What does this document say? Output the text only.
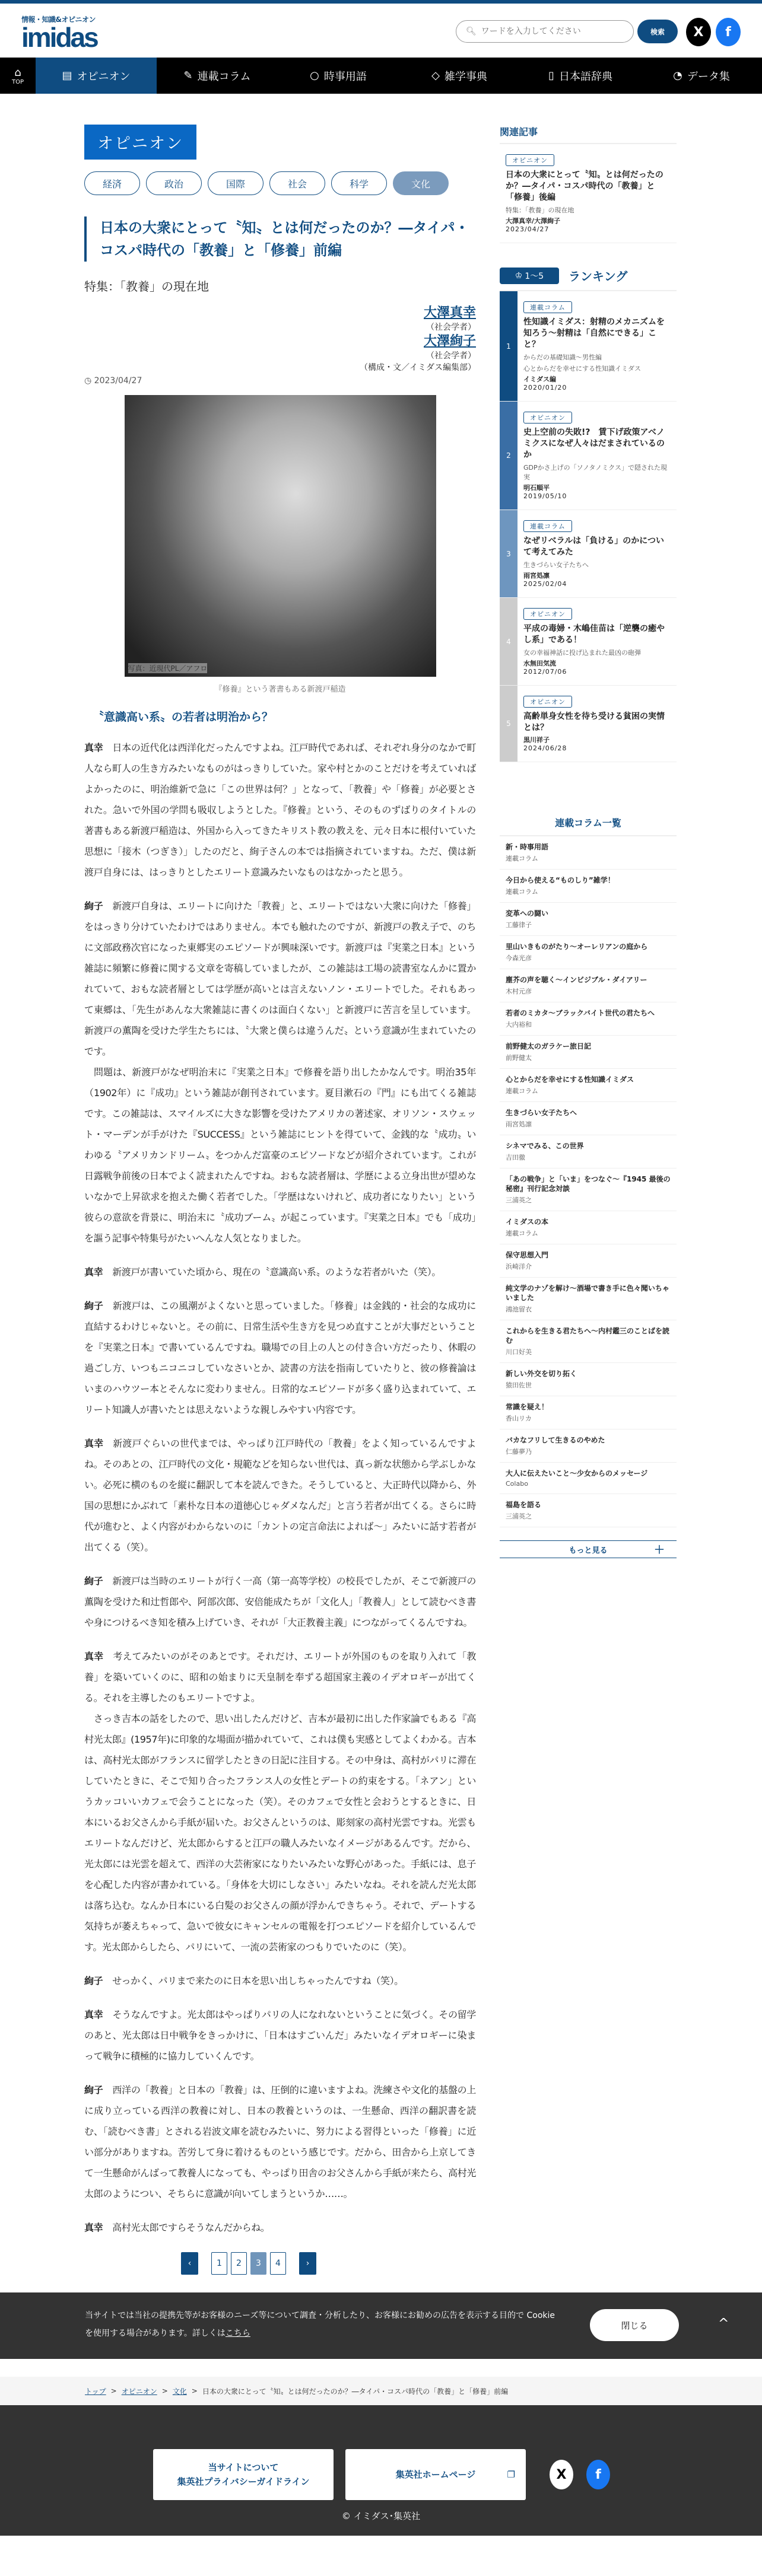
情報・知識&オピニオン
imidas	🔍︎
ワードを入力してください	検索	X	f
⌂
TOP	▤ オピニオン	✎ 連載コラム	○ 時事用語	◇ 雑学事典	▯ 日本語辞典	◔ データ集
オピニオン
経済	政治	国際	社会	科学	文化
日本の大衆にとって〝知〟とは何だったのか？―タイパ・コスパ時代の「教養」と「修養」前編
特集：「教養」の現在地
大澤真幸
（社会学者）
大澤絢子
（社会学者）
（構成・文／イミダス編集部）
◷ 2023/04/27
写真：近現代PL／アフロ
『修養』という著書もある新渡戸稲造
〝意識高い系〟の若者は明治から？

真幸 日本の近代化は西洋化だったんですよね。江戸時代であれば、それぞれ身分のなかで町人なら町人の生き方みたいなものがはっきりしていた。家や村とかのことだけを考えていればよかったのに、明治維新で急に「この世界は何？」となって、「教養」や「修養」が必要とされた。急いで外国の学問も吸収しようとした。『修養』という、そのものずばりのタイトルの著書もある新渡戸稲造は、外国から入ってきたキリスト教の教えを、元々日本に根付いていた思想に「接木（つぎき）」したのだと、絢子さんの本では指摘されていますね。ただ、僕は新渡戸自身には、はっきりとしたエリート意識みたいなものはなかったと思う。

絢子 新渡戸自身は、エリートに向けた「教養」と、エリートではない大衆に向けた「修養」をはっきり分けていたわけではありません。本でも触れたのですが、新渡戸の教え子で、のちに文部政務次官になった東郷実のエピソードが興味深いです。新渡戸は『実業之日本』という雑誌に頻繁に修養に関する文章を寄稿していましたが、この雑誌は工場の読書室なんかに置かれていて、おもな読者層としては学歴が高いとは言えないノン・エリートでした。それもあって東郷は、「先生があんな大衆雑誌に書くのは面白くない」と新渡戸に苦言を呈しています。新渡戸の薫陶を受けた学生たちには、〝大衆と僕らは違うんだ〟という意識が生まれていたのです。
　問題は、新渡戸がなぜ明治末に『実業之日本』で修養を語り出したかなんです。明治35年（1902年）に『成功』という雑誌が創刊されています。夏目漱石の『門』にも出てくる雑誌です。この雑誌は、スマイルズに大きな影響を受けたアメリカの著述家、オリソン・スウェット・マーデンが手がけた『SUCCESS』という雑誌にヒントを得ていて、金銭的な〝成功〟いわゆる〝アメリカンドリーム〟をつかんだ富豪のエピソードなどが紹介されています。これが日露戦争前後の日本でよく読まれたんですね。おもな読者層は、学歴による立身出世が望めないなかで上昇欲求を抱えた働く若者でした。「学歴はないけれど、成功者になりたい」という彼らの意欲を背景に、明治末に〝成功ブーム〟が起こっています。『実業之日本』でも「成功」を謳う記事や特集号がたいへんな人気となりました。

真幸 新渡戸が書いていた頃から、現在の〝意識高い系〟のような若者がいた（笑）。

絢子 新渡戸は、この風潮がよくないと思っていました。「修養」は金銭的・社会的な成功に直結するわけじゃないと。その前に、日常生活や生き方を見つめ直すことが大事だということを『実業之日本』で書いているんですね。職場での目上の人との付き合い方だったり、休暇の過ごし方、いつもニコニコしていなさいとか、読書の方法を指南していたりと、彼の修養論はいまのハウツー本とそんなに変わりません。日常的なエピソードが多く盛り込まれていて、エリート知識人が書いたとは思えないような親しみやすい内容です。

真幸 新渡戸ぐらいの世代までは、やっぱり江戸時代の「教養」をよく知っているんですよね。そのあとの、江戸時代の文化・規範などを知らない世代は、真っ新な状態から学ぶしかない。必死に横のものを縦に翻訳して本を読んできた。そうしていると、大正時代以降から、外国の思想にかぶれて「素朴な日本の道徳心じゃダメなんだ」と言う若者が出てくる。さらに時代が進むと、よく内容がわからないのに「カントの定言命法によれば～」みたいに話す若者が出てくる（笑）。

絢子 新渡戸は当時のエリートが行く一高（第一高等学校）の校長でしたが、そこで新渡戸の薫陶を受けた和辻哲郎や、阿部次郎、安倍能成たちが「文化人」「教養人」として読むべき書や身につけるべき知を積み上げていき、それが「大正教養主義」につながってくるんですね。

真幸 考えてみたいのがそのあとです。それだけ、エリートが外国のものを取り入れて「教養」を築いていくのに、昭和の始まりに天皇制を奉ずる超国家主義のイデオロギーが出てくる。それを主導したのもエリートですよ。
　さっき吉本の話をしたので、思い出したんだけど、吉本が最初に出した作家論でもある『高村光太郎』(1957年)に印象的な場面が描かれていて、これは僕も実感としてよくわかる。吉本は、高村光太郎がフランスに留学したときの日記に注目する。その中身は、高村がパリに滞在していたときに、そこで知り合ったフランス人の女性とデートの約束をする。「ネアン」というカッコいいカフェで会うことになった（笑）。そのカフェで女性と会おうとするときに、日本にいるお父さんから手紙が届いた。お父さんというのは、彫刻家の高村光雲ですね。光雲もエリートなんだけど、光太郎からすると江戸の職人みたいなイメージがあるんです。だから、光太郎には光雲を超えて、西洋の大芸術家になりたいみたいな野心があった。手紙には、息子を心配した内容が書かれている。「身体を大切にしなさい」みたいなね。それを読んだ光太郎は落ち込む。なんか日本にいる白髪のお父さんの顔が浮かんできちゃう。それで、デートする気持ちが萎えちゃって、急いで彼女にキャンセルの電報を打つエピソードを紹介しているんです。光太郎からしたら、パリにいて、一流の芸術家のつもりでいたのに（笑）。

絢子 せっかく、パリまで来たのに日本を思い出しちゃったんですね（笑）。

真幸 そうなんですよ。光太郎はやっぱりパリの人になれないということに気づく。その留学のあと、光太郎は日中戦争をきっかけに、「日本はすごいんだ」みたいなイデオロギーに染まって戦争に積極的に協力していくんです。

絢子 西洋の「教養」と日本の「教養」は、圧倒的に違いますよね。洗練さや文化的基盤の上に成り立っている西洋の教養に対し、日本の教養というのは、一生懸命、西洋の翻訳書を読む、「読むべき書」とされる岩波文庫を読むみたいに、努力による習得といった「修養」に近い部分がありますね。苦労して身に着けるものという感じです。だから、田舎から上京してきて一生懸命がんばって教養人になっても、やっぱり田舎のお父さんから手紙が来たら、高村光太郎のようについ、そちらに意識が向いてしまうというか……。

真幸 高村光太郎ですらそうなんだからね。

‹	1	2	3	4	›
関連記事
オピニオン
日本の大衆にとって〝知〟とは何だったのか？―タイパ・コスパ時代の「教養」と「修養」後編
特集：「教養」の現在地
大澤真幸/大澤絢子
2023/04/27
♔ 1～5 ランキング
1
連載コラム
性知識イミダス：射精のメカニズムを知ろう～射精は「自然にできる」こと？
からだの基礎知識～男性編
心とからだを幸せにする性知識イミダス
イミダス編
2020/01/20
2
オピニオン
史上空前の失敗!?　賃下げ政策アベノミクスになぜ人々はだまされているのか
GDPかさ上げの「ソノタノミクス」で隠された現実
明石順平
2019/05/10
3
連載コラム
なぜリベラルは「負ける」のかについて考えてみた
生きづらい女子たちへ
雨宮処凛
2025/02/04
4
オピニオン
平成の毒婦・木嶋佳苗は「逆襲の癒やし系」である！
女の幸福神話に投げ込まれた最凶の砲弾
水無田気流
2012/07/06
5
オピニオン
高齢単身女性を待ち受ける貧困の実情とは？
黒川祥子
2024/06/28
連載コラム一覧
新・時事用語
連載コラム
今日から使える“ものしり”雑学！
連載コラム
変革への闘い
工藤律子
里山いきものがたり～オーレリアンの庭から
今森光彦
塵芥の声を聴く～インビジブル・ダイアリー
木村元彦
若者のミカタ～ブラックバイト世代の君たちへ
大内裕和
前野健太のガラケー旅日記
前野健太
心とからだを幸せにする性知識イミダス
連載コラム
生きづらい女子たちへ
雨宮処凛
シネマでみる、この世界
吉田徹
「あの戦争」と「いま」をつなぐ～『1945 最後の秘密』刊行記念対談
三浦英之
イミダスの本
連載コラム
保守思想入門
浜崎洋介
純文学のナゾを解け～酒場で書き手に色々聞いちゃいました
鴻池留衣
これからを生きる君たちへ～内村鑑三のことばを読む
川口好美
新しい外交を切り拓く
猿田佐世
常識を疑え！
香山リカ
バカなフリして生きるのやめた
仁藤夢乃
大人に伝えたいこと～少女からのメッセージ
Colabo
福島を語る
三浦英之
もっと見る	＋

当サイトでは当社の提携先等がお客様のニーズ等について調査・分析したり、お客様にお勧めの広告を表示する目的で Cookie を使用する場合があります。詳しくはこちら

閉じる	^
トップ > オピニオン > 文化 > 日本の大衆にとって〝知〟とは何だったのか？―タイパ・コスパ時代の「教養」と「修養」前編
当サイトについて
集英社プライバシーガイドライン
集英社ホームページ	❐	X	f
© イミダス･集英社
